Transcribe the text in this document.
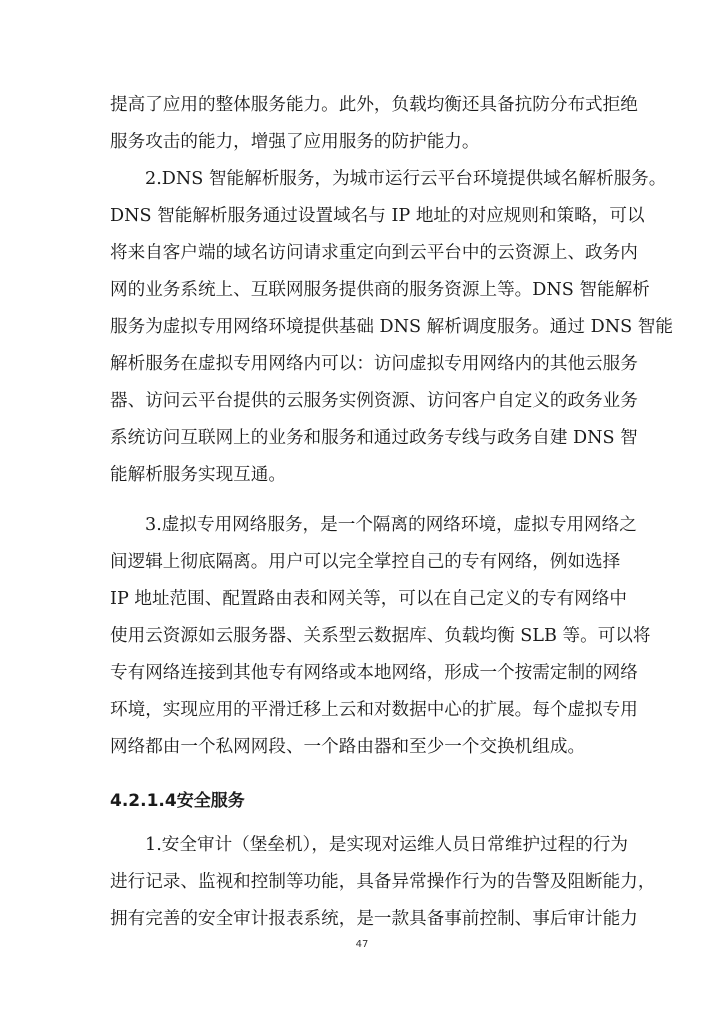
提高了应用的整体服务能力。此外，负载均衡还具备抗防分布式拒绝
服务攻击的能力，增强了应用服务的防护能力。
2.DNS 智能解析服务，为城市运行云平台环境提供域名解析服务。
DNS 智能解析服务通过设置域名与 IP 地址的对应规则和策略，可以
将来自客户端的域名访问请求重定向到云平台中的云资源上、政务内
网的业务系统上、互联网服务提供商的服务资源上等。DNS 智能解析
服务为虚拟专用网络环境提供基础 DNS 解析调度服务。通过 DNS 智能
解析服务在虚拟专用网络内可以：访问虚拟专用网络内的其他云服务
器、访问云平台提供的云服务实例资源、访问客户自定义的政务业务
系统访问互联网上的业务和服务和通过政务专线与政务自建 DNS 智
能解析服务实现互通。
3.虚拟专用网络服务，是一个隔离的网络环境，虚拟专用网络之
间逻辑上彻底隔离。用户可以完全掌控自己的专有网络，例如选择
IP 地址范围、配置路由表和网关等，可以在自己定义的专有网络中
使用云资源如云服务器、关系型云数据库、负载均衡 SLB 等。可以将
专有网络连接到其他专有网络或本地网络，形成一个按需定制的网络
环境，实现应用的平滑迁移上云和对数据中心的扩展。每个虚拟专用
网络都由一个私网网段、一个路由器和至少一个交换机组成。
4.2.1.4安全服务
1.安全审计（堡垒机），是实现对运维人员日常维护过程的行为
进行记录、监视和控制等功能，具备异常操作行为的告警及阻断能力，
拥有完善的安全审计报表系统，是一款具备事前控制、事后审计能力
47
